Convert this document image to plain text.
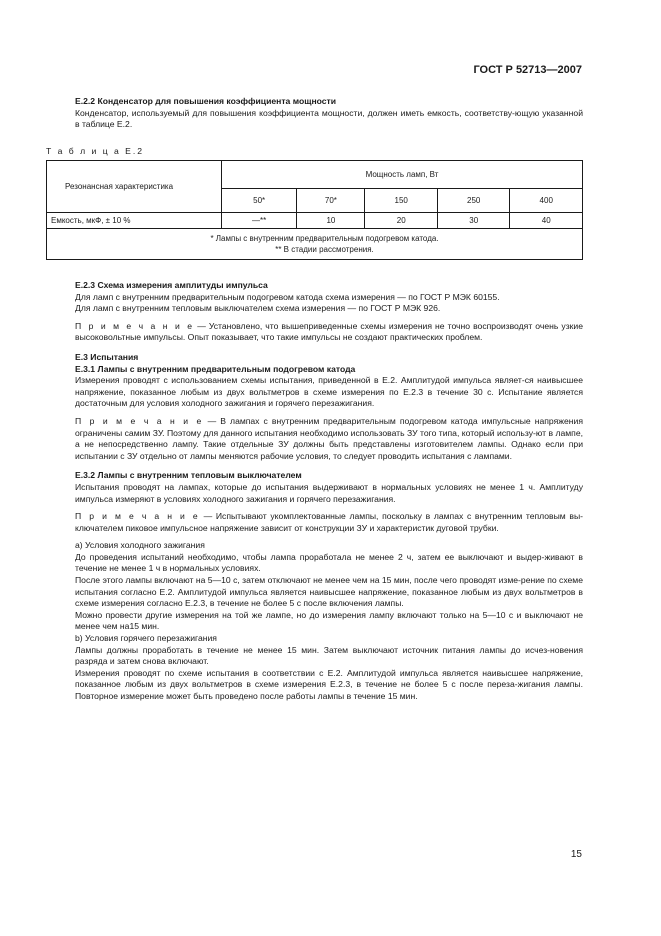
ГОСТ Р 52713—2007

Е.2.2 Конденсатор для повышения коэффициента мощности

Конденсатор, используемый для повышения коэффициента мощности, должен иметь емкость, соответству-ющую указанной в таблице Е.2.

Т а б л и ц а Е.2
Резонансная характеристика	Мощность ламп, Вт				
	50*	70*	150	250	400
Емкость, мкФ, ± 10 %	—**	10	20	30	40

* Лампы с внутренним предварительным подогревом катода.
** В стадии рассмотрения.					

Е.2.3 Схема измерения амплитуды импульса

Для ламп с внутренним предварительным подогревом катода схема измерения — по ГОСТ Р МЭК 60155.

Для ламп с внутренним тепловым выключателем схема измерения — по ГОСТ Р МЭК 926.

П р и м е ч а н и е — Установлено, что вышеприведенные схемы измерения не точно воспроизводят очень узкие высоковольтные импульсы. Опыт показывает, что такие импульсы не создают практических проблем.

Е.3 Испытания

Е.3.1 Лампы с внутренним предварительным подогревом катода

Измерения проводят с использованием схемы испытания, приведенной в Е.2. Амплитудой импульса являет-ся наивысшее напряжение, показанное любым из двух вольтметров в схеме измерения по Е.2.3 в течение 30 с. Испытание является достаточным для условия холодного зажигания и горячего перезажигания.

П р и м е ч а н и е — В лампах с внутренним предварительным подогревом катода импульсные напряжения ограничены самим ЗУ. Поэтому для данного испытания необходимо использовать ЗУ того типа, который использу-ют в лампе, а не непосредственно лампу. Такие отдельные ЗУ должны быть представлены изготовителем лампы. Однако если при испытании с ЗУ отдельно от лампы меняются рабочие условия, то следует проводить испытания с лампами.

Е.3.2 Лампы с внутренним тепловым выключателем

Испытания проводят на лампах, которые до испытания выдерживают в нормальных условиях не менее 1 ч. Амплитуду импульса измеряют в условиях холодного зажигания и горячего перезажигания.

П р и м е ч а н и е — Испытывают укомплектованные лампы, поскольку в лампах с внутренним тепловым вы-ключателем пиковое импульсное напряжение зависит от конструкции ЗУ и характеристик дуговой трубки.

а) Условия холодного зажигания

До проведения испытаний необходимо, чтобы лампа проработала не менее 2 ч, затем ее выключают и выдер-живают в течение не менее 1 ч в нормальных условиях.

После этого лампы включают на 5—10 с, затем отключают не менее чем на 15 мин, после чего проводят изме-рение по схеме испытания согласно Е.2. Амплитудой импульса является наивысшее напряжение, показанное любым из двух вольтметров в схеме измерения согласно Е.2.3, в течение не более 5 с после включения лампы.

Можно провести другие измерения на той же лампе, но до измерения лампу включают только на 5—10 с и выключают не менее чем на15 мин.

b) Условия горячего перезажигания

Лампы должны проработать в течение не менее 15 мин. Затем выключают источник питания лампы до исчез-новения разряда и затем снова включают.

Измерения проводят по схеме испытания в соответствии с Е.2. Амплитудой импульса является наивысшее напряжение, показанное любым из двух вольтметров в схеме измерения Е.2.3, в течение не более 5 с после переза-жигания лампы. Повторное измерение может быть проведено после работы лампы в течение 15 мин.

15
